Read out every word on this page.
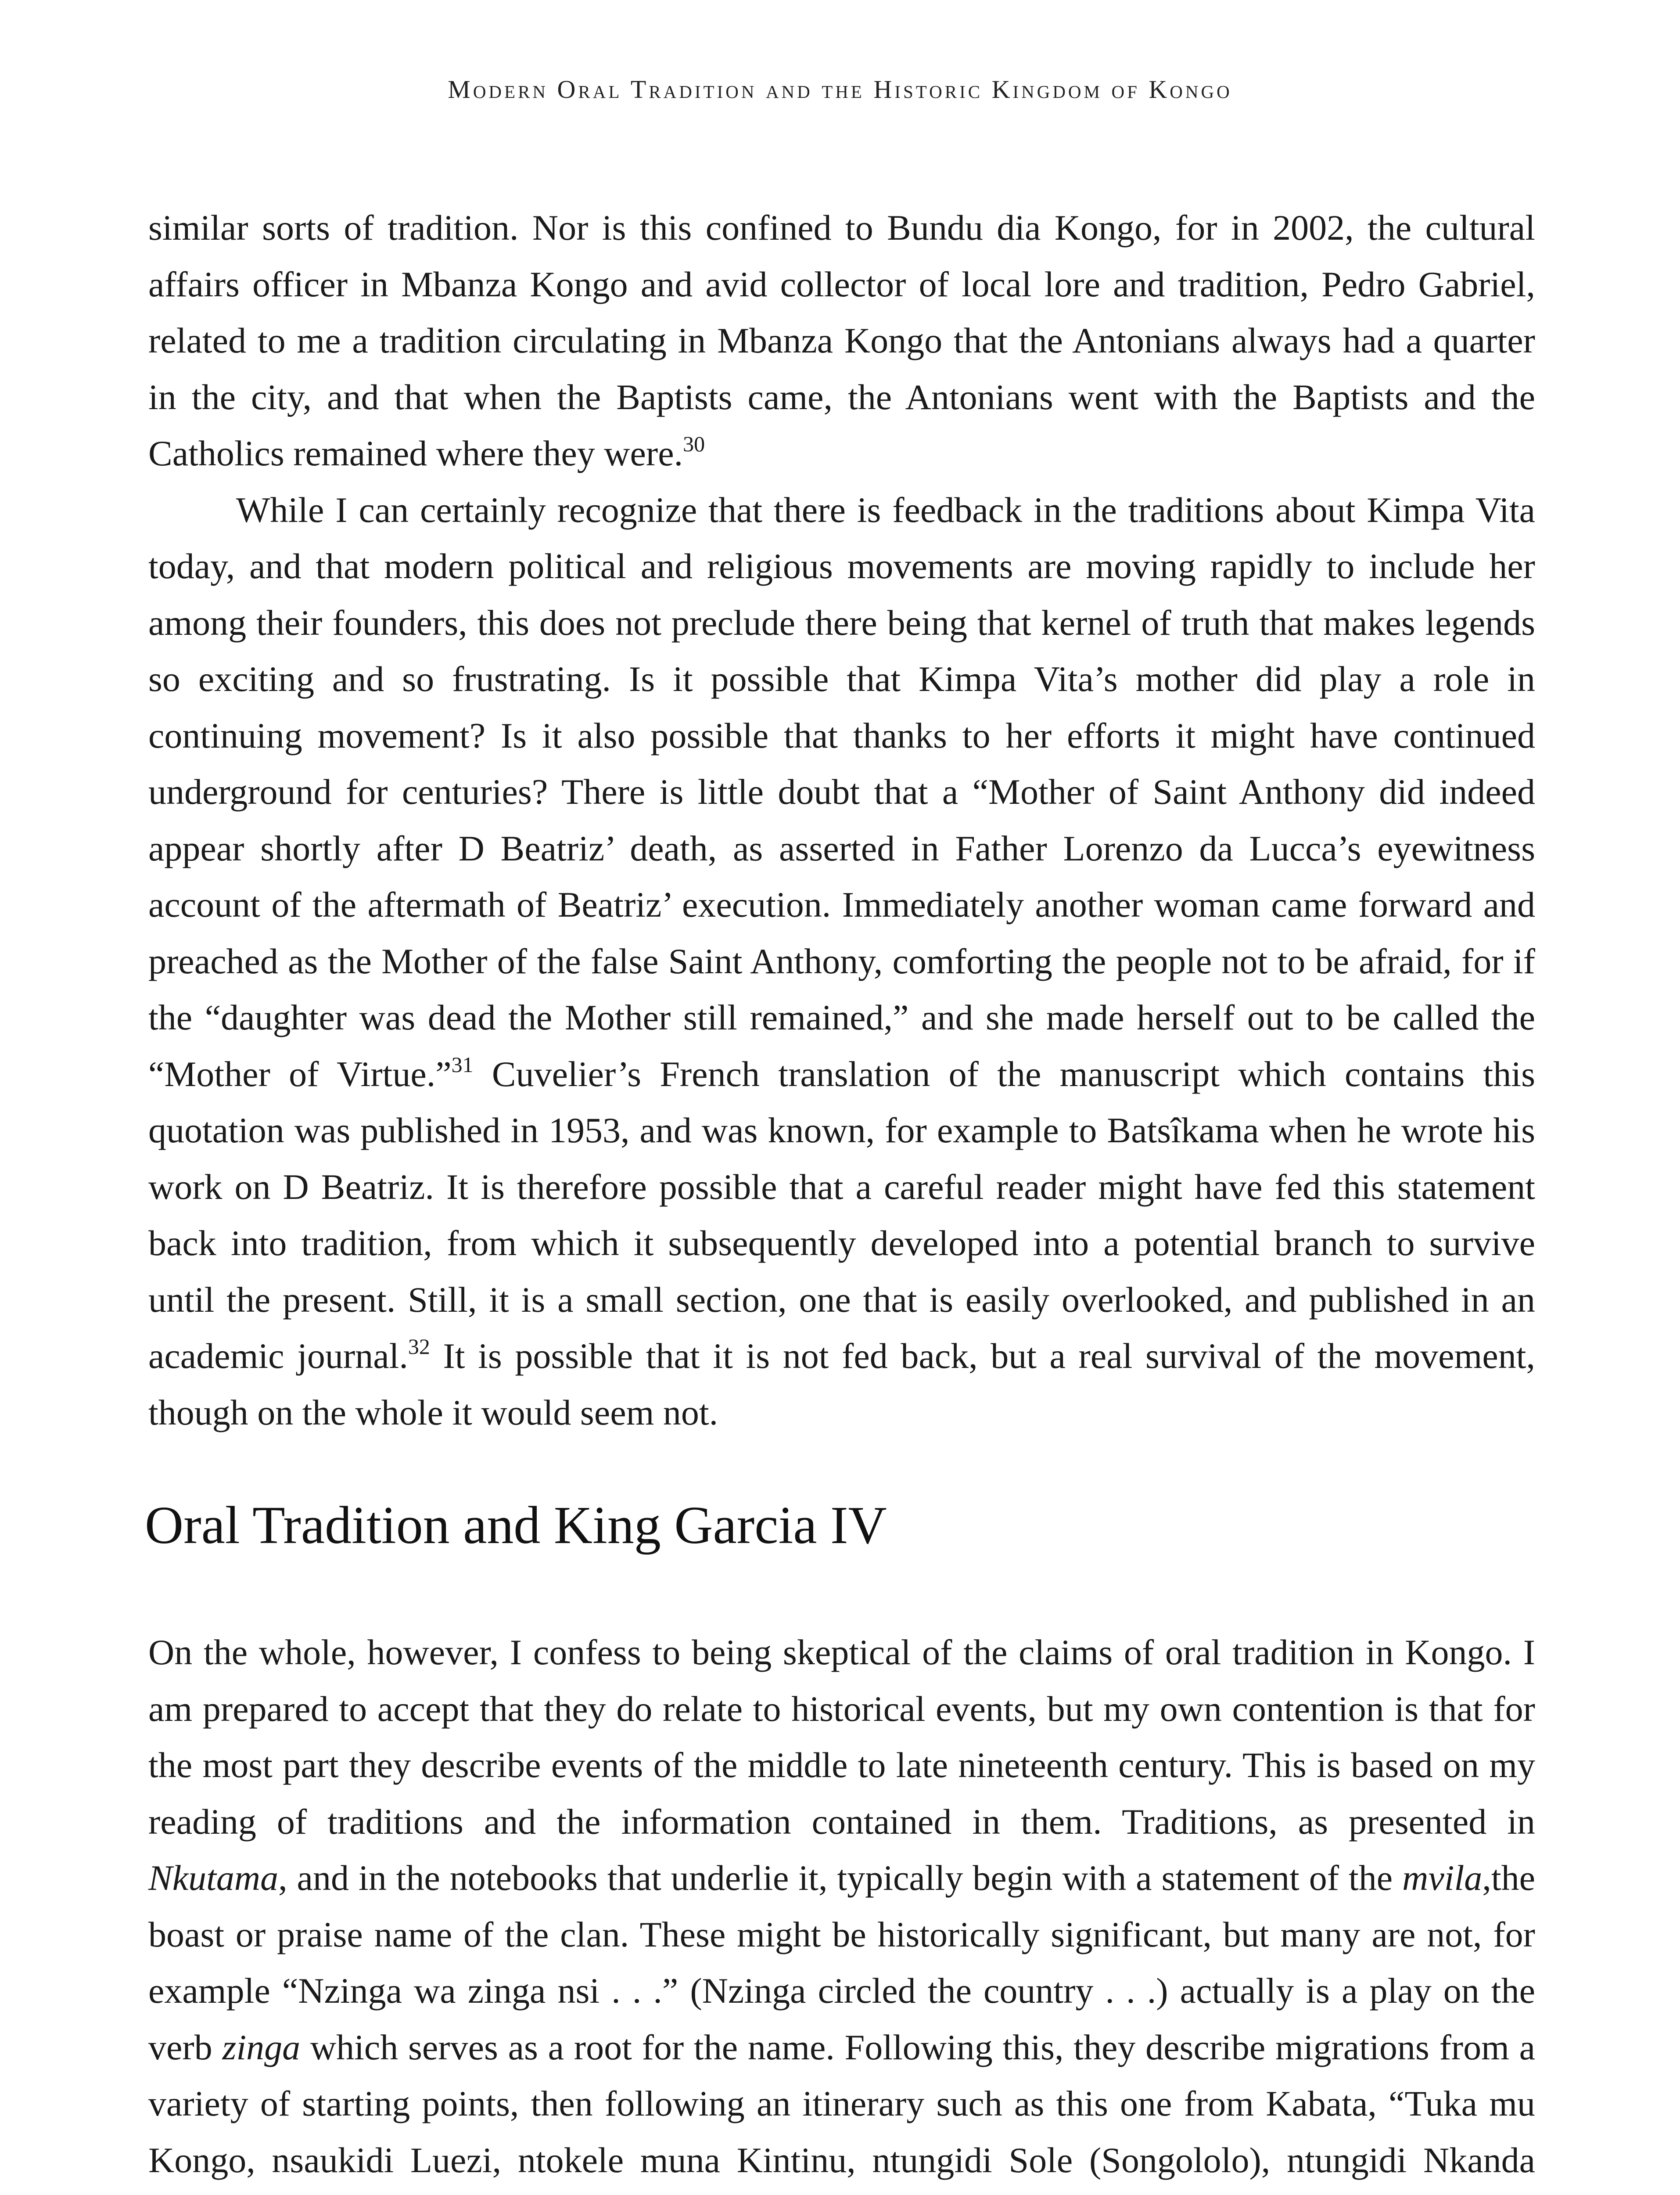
Modern Oral Tradition and the Historic Kingdom of Kongo

similar sorts of tradition. Nor is this confined to Bundu dia Kongo, for in 2002, the cultural affairs officer in Mbanza Kongo and avid collector of local lore and tradition, Pedro Gabriel, related to me a tradition circulating in Mbanza Kongo that the Antonians always had a quarter in the city, and that when the Baptists came, the Antonians went with the Baptists and the Catholics remained where they were.$^{30}$

While I can certainly recognize that there is feedback in the traditions about Kimpa Vita today, and that modern political and religious movements are moving rapidly to include her among their founders, this does not preclude there being that kernel of truth that makes legends so exciting and so frustrating. Is it possible that Kimpa Vita’s mother did play a role in continuing movement? Is it also possible that thanks to her efforts it might have continued underground for centuries? There is little doubt that a “Mother of Saint Anthony did indeed appear shortly after D Beatriz’ death, as asserted in Father Lorenzo da Lucca’s eyewitness account of the aftermath of Beatriz’ execution. Immediately another woman came forward and preached as the Mother of the false Saint Anthony, comforting the people not to be afraid, for if the “daughter was dead the Mother still remained,” and she made herself out to be called the “Mother of Virtue.”$^{31}$ Cuvelier’s French translation of the manuscript which contains this quotation was published in 1953, and was known, for example to Batsîkama when he wrote his work on D Beatriz. It is therefore possible that a careful reader might have fed this statement back into tradition, from which it subsequently developed into a potential branch to survive until the present. Still, it is a small section, one that is easily overlooked, and published in an academic journal.$^{32}$ It is possible that it is not fed back, but a real survival of the movement, though on the whole it would seem not.

Oral Tradition and King Garcia IV

On the whole, however, I confess to being skeptical of the claims of oral tradition in Kongo. I am prepared to accept that they do relate to historical events, but my own contention is that for the most part they describe events of the middle to late nineteenth century. This is based on my reading of traditions and the information contained in them. Traditions, as presented in Nkutama, and in the notebooks that underlie it, typically begin with a statement of the mvila,the boast or praise name of the clan. These might be historically significant, but many are not, for example “Nzinga wa zinga nsi . . .” (Nzinga circled the country . . .) actually is a play on the verb zinga which serves as a root for the name. Following this, they describe migrations from a variety of starting points, then following an itinerary such as this one from Kabata, “Tuka mu Kongo, nsaukidi Luezi, ntokele muna Kintinu, ntungidi Sole (Songololo), ntungidi Nkanda
